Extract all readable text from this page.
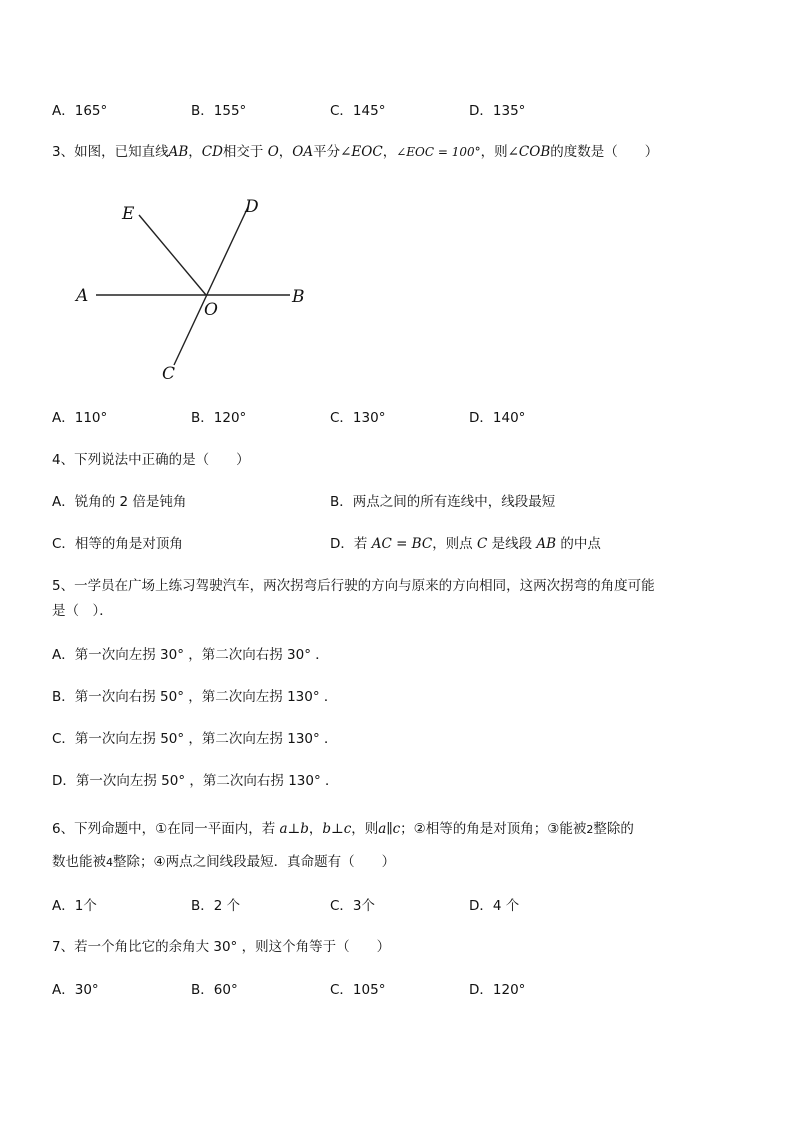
A．165°	B．155°	C．145°	D．135°
3、如图，已知直线AB，CD相交于 O，OA平分∠EOC，∠EOC = 100°，则∠COB的度数是（　　）
E	D
A
O
B
C
A．110°	B．120°	C．130°	D．140°
4、下列说法中正确的是（　　）
A．锐角的 2 倍是钝角	B．两点之间的所有连线中，线段最短
C．相等的角是对顶角	D．若 AC = BC，则点 C 是线段 AB 的中点
5、一学员在广场上练习驾驶汽车，两次拐弯后行驶的方向与原来的方向相同，这两次拐弯的角度可能
是（　）．
A．第一次向左拐 30° ，第二次向右拐 30° ．
B．第一次向右拐 50° ，第二次向左拐 130° ．
C．第一次向左拐 50° ，第二次向左拐 130° ．
D．第一次向左拐 50° ，第二次向右拐 130° ．
6、下列命题中，①在同一平面内，若 a⊥b，b⊥c，则a∥c；②相等的角是对顶角；③能被2整除的
数也能被4整除；④两点之间线段最短．真命题有（　　）
A．1个	B．2 个	C．3个	D．4 个
7、若一个角比它的余角大 30° ，则这个角等于（　　）
A．30°	B．60°	C．105°	D．120°
